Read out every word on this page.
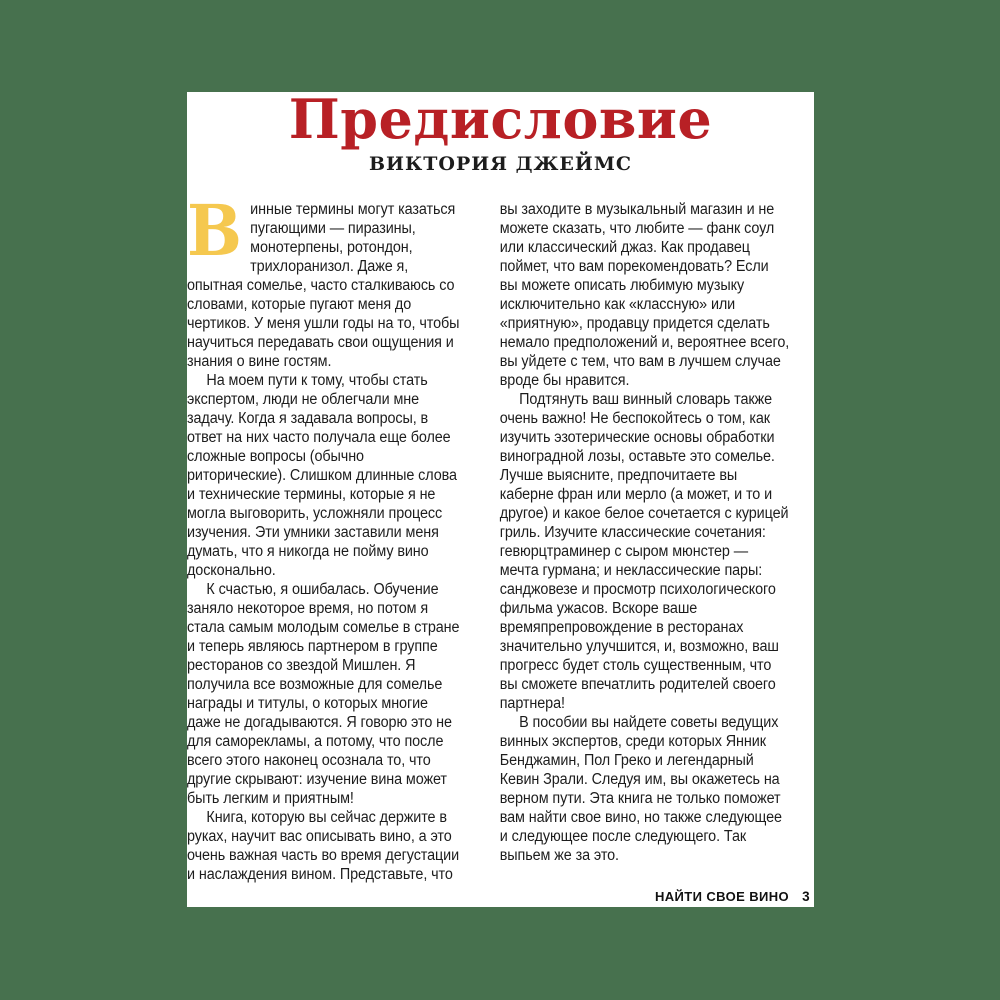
Предисловие
ВИКТОРИЯ ДЖЕЙМС

Винные термины могут казаться пугающими — пиразины, монотерпены, ротондон, трихлоранизол. Даже я, опытная сомелье, часто сталкиваюсь со словами, которые пугают меня до чертиков. У меня ушли годы на то, чтобы научиться передавать свои ощущения и знания о вине гостям.

На моем пути к тому, чтобы стать экспертом, люди не облегчали мне задачу. Когда я задавала вопросы, в ответ на них часто получала еще более сложные вопросы (обычно риторические). Слишком длинные слова и технические термины, которые я не могла выговорить, усложняли процесс изучения. Эти умники заставили меня думать, что я никогда не пойму вино досконально.

К счастью, я ошибалась. Обучение заняло некоторое время, но потом я стала самым молодым сомелье в стране и теперь являюсь партнером в группе ресторанов со звездой Мишлен. Я получила все возможные для сомелье награды и титулы, о которых многие даже не догадываются. Я говорю это не для саморекламы, а потому, что после всего этого наконец осознала то, что другие скрывают: изучение вина может быть легким и приятным!

Книга, которую вы сейчас держите в руках, научит вас описывать вино, а это очень важная часть во время дегустации и наслаждения вином. Представьте, что

вы заходите в музыкальный магазин и не можете сказать, что любите — фанк соул или классический джаз. Как продавец поймет, что вам порекомендовать? Если вы можете описать любимую музыку исключительно как «классную» или «приятную», продавцу придется сделать немало предположений и, вероятнее всего, вы уйдете с тем, что вам в лучшем случае вроде бы нравится.

Подтянуть ваш винный словарь также очень важно! Не беспокойтесь о том, как изучить эзотерические основы обработки виноградной лозы, оставьте это сомелье. Лучше выясните, предпочитаете вы каберне фран или мерло (а может, и то и другое) и какое белое сочетается с курицей гриль. Изучите классические сочетания: гевюрцтраминер с сыром мюнстер — мечта гурмана; и неклассические пары: санджовезе и просмотр психологического фильма ужасов. Вскоре ваше времяпрепровождение в ресторанах значительно улучшится, и, возможно, ваш прогресс будет столь существенным, что вы сможете впечатлить родителей своего партнера!

В пособии вы найдете советы ведущих винных экспертов, среди которых Янник Бенджамин, Пол Греко и легендарный Кевин Зрали. Следуя им, вы окажетесь на верном пути. Эта книга не только поможет вам найти свое вино, но также следующее и следующее после следующего. Так выпьем же за это.

НАЙТИ СВОЕ ВИНО 3
